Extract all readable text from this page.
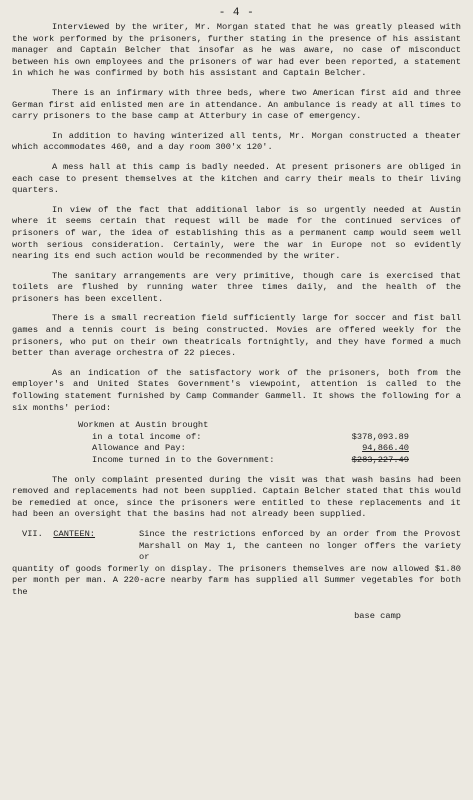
- 4 -

Interviewed by the writer, Mr. Morgan stated that he was greatly pleased with the work performed by the prisoners, further stating in the presence of his assistant manager and Captain Belcher that insofar as he was aware, no case of misconduct between his own employees and the prisoners of war had ever been reported, a statement in which he was confirmed by both his assistant and Captain Belcher.

There is an infirmary with three beds, where two American first aid and three German first aid enlisted men are in attendance. An ambulance is ready at all times to carry prisoners to the base camp at Atterbury in case of emergency.

In addition to having winterized all tents, Mr. Morgan constructed a theater which accommodates 460, and a day room 300'x 120'.

A mess hall at this camp is badly needed. At present prisoners are obliged in each case to present themselves at the kitchen and carry their meals to their living quarters.

In view of the fact that additional labor is so urgently needed at Austin where it seems certain that request will be made for the continued services of prisoners of war, the idea of establishing this as a permanent camp would seem well worth serious consideration. Certainly, were the war in Europe not so evidently nearing its end such action would be recommended by the writer.

The sanitary arrangements are very primitive, though care is exercised that toilets are flushed by running water three times daily, and the health of the prisoners has been excellent.

There is a small recreation field sufficiently large for soccer and fist ball games and a tennis court is being constructed. Movies are offered weekly for the prisoners, who put on their own theatricals fortnightly, and they have formed a much better than average orchestra of 22 pieces.

As an indication of the satisfactory work of the prisoners, both from the employer's and United States Government's viewpoint, attention is called to the following statement furnished by Camp Commander Gammell. It shows the following for a six months' period:

Workmen at Austin brought
in a total income of:	$378,093.89
Allowance and Pay:	94,866.40
Income turned in to the Government:	$283,227.49

The only complaint presented during the visit was that wash basins had been removed and replacements had not been supplied. Captain Belcher stated that this would be remedied at once, since the prisoners were entitled to these replacements and it had been an oversight that the basins had not already been supplied.

VII. CANTEEN:	Since the restrictions enforced by an order from the Provost Marshall on May 1, the canteen no longer offers the variety or
quantity of goods formerly on display. The prisoners themselves are now allowed $1.80 per month per man. A 220-acre nearby farm has supplied all Summer vegetables for both the
base camp
